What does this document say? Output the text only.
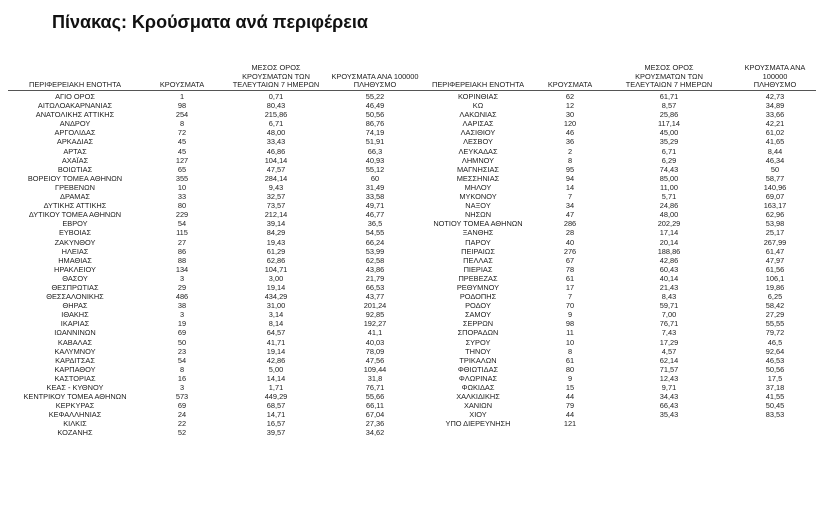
Πίνακας: Κρούσματα ανά περιφέρεια
ΠΕΡΙΦΕΡΕΙΑΚΗ ΕΝΟΤΗΤΑ	ΚΡΟΥΣΜΑΤΑ
ΜΕΣΟΣ ΟΡΟΣ
ΚΡΟΥΣΜΑΤΩΝ ΤΩΝ
ΤΕΛΕΥΤΑΙΩΝ 7 ΗΜΕΡΩΝ
ΚΡΟΥΣΜΑΤΑ ΑΝΑ 100000
ΠΛΗΘΥΣΜΟ	ΠΕΡΙΦΕΡΕΙΑΚΗ ΕΝΟΤΗΤΑ	ΚΡΟΥΣΜΑΤΑ
ΜΕΣΟΣ ΟΡΟΣ
ΚΡΟΥΣΜΑΤΩΝ ΤΩΝ
ΤΕΛΕΥΤΑΙΩΝ 7 ΗΜΕΡΩΝ
ΚΡΟΥΣΜΑΤΑ ΑΝΑ 100000
ΠΛΗΘΥΣΜΟ
ΑΓΙΟ ΟΡΟΣ	1	0,71	55,22	ΚΟΡΙΝΘΙΑΣ	62	61,71	42,73
ΑΙΤΩΛΟΑΚΑΡΝΑΝΙΑΣ	98	80,43	46,49	ΚΩ	12	8,57	34,89
ΑΝΑΤΟΛΙΚΗΣ ΑΤΤΙΚΗΣ	254	215,86	50,56	ΛΑΚΩΝΙΑΣ	30	25,86	33,66
ΑΝΔΡΟΥ	8	6,71	86,76	ΛΑΡΙΣΑΣ	120	117,14	42,21
ΑΡΓΟΛΙΔΑΣ	72	48,00	74,19	ΛΑΣΙΘΙΟΥ	46	45,00	61,02
ΑΡΚΑΔΙΑΣ	45	33,43	51,91	ΛΕΣΒΟΥ	36	35,29	41,65
ΑΡΤΑΣ	45	46,86	66,3	ΛΕΥΚΑΔΑΣ	2	6,71	8,44
ΑΧΑΪΑΣ	127	104,14	40,93	ΛΗΜΝΟΥ	8	6,29	46,34
ΒΟΙΩΤΙΑΣ	65	47,57	55,12	ΜΑΓΝΗΣΙΑΣ	95	74,43	50
ΒΟΡΕΙΟΥ ΤΟΜΕΑ ΑΘΗΝΩΝ	355	284,14	60	ΜΕΣΣΗΝΙΑΣ	94	85,00	58,77
ΓΡΕΒΕΝΩΝ	10	9,43	31,49	ΜΗΛΟΥ	14	11,00	140,96
ΔΡΑΜΑΣ	33	32,57	33,58	ΜΥΚΟΝΟΥ	7	5,71	69,07
ΔΥΤΙΚΗΣ ΑΤΤΙΚΗΣ	80	73,57	49,71	ΝΑΞΟΥ	34	24,86	163,17
ΔΥΤΙΚΟΥ ΤΟΜΕΑ ΑΘΗΝΩΝ	229	212,14	46,77	ΝΗΣΩΝ	47	48,00	62,96
ΕΒΡΟΥ	54	39,14	36,5	ΝΟΤΙΟΥ ΤΟΜΕΑ ΑΘΗΝΩΝ	286	202,29	53,98
ΕΥΒΟΙΑΣ	115	84,29	54,55	ΞΑΝΘΗΣ	28	17,14	25,17
ΖΑΚΥΝΘΟΥ	27	19,43	66,24	ΠΑΡΟΥ	40	20,14	267,99
ΗΛΕΙΑΣ	86	61,29	53,99	ΠΕΙΡΑΙΩΣ	276	188,86	61,47
ΗΜΑΘΙΑΣ	88	62,86	62,58	ΠΕΛΛΑΣ	67	42,86	47,97
ΗΡΑΚΛΕΙΟΥ	134	104,71	43,86	ΠΙΕΡΙΑΣ	78	60,43	61,56
ΘΑΣΟΥ	3	3,00	21,79	ΠΡΕΒΕΖΑΣ	61	40,14	106,1
ΘΕΣΠΡΩΤΙΑΣ	29	19,14	66,53	ΡΕΘΥΜΝΟΥ	17	21,43	19,86
ΘΕΣΣΑΛΟΝΙΚΗΣ	486	434,29	43,77	ΡΟΔΟΠΗΣ	7	8,43	6,25
ΘΗΡΑΣ	38	31,00	201,24	ΡΟΔΟΥ	70	59,71	58,42
ΙΘΑΚΗΣ	3	3,14	92,85	ΣΑΜΟΥ	9	7,00	27,29
ΙΚΑΡΙΑΣ	19	8,14	192,27	ΣΕΡΡΩΝ	98	76,71	55,55
ΙΩΑΝΝΙΝΩΝ	69	64,57	41,1	ΣΠΟΡΑΔΩΝ	11	7,43	79,72
ΚΑΒΑΛΑΣ	50	41,71	40,03	ΣΥΡΟΥ	10	17,29	46,5
ΚΑΛΥΜΝΟΥ	23	19,14	78,09	ΤΗΝΟΥ	8	4,57	92,64
ΚΑΡΔΙΤΣΑΣ	54	42,86	47,56	ΤΡΙΚΑΛΩΝ	61	62,14	46,53
ΚΑΡΠΑΘΟΥ	8	5,00	109,44	ΦΘΙΩΤΙΔΑΣ	80	71,57	50,56
ΚΑΣΤΟΡΙΑΣ	16	14,14	31,8	ΦΛΩΡΙΝΑΣ	9	12,43	17,5
ΚΕΑΣ - ΚΥΘΝΟΥ	3	1,71	76,71	ΦΩΚΙΔΑΣ	15	9,71	37,18
ΚΕΝΤΡΙΚΟΥ ΤΟΜΕΑ ΑΘΗΝΩΝ	573	449,29	55,66	ΧΑΛΚΙΔΙΚΗΣ	44	34,43	41,55
ΚΕΡΚΥΡΑΣ	69	68,57	66,11	ΧΑΝΙΩΝ	79	66,43	50,45
ΚΕΦΑΛΛΗΝΙΑΣ	24	14,71	67,04	ΧΙΟΥ	44	35,43	83,53
ΚΙΛΚΙΣ	22	16,57	27,36	ΥΠΟ ΔΙΕΡΕΥΝΗΣΗ	121
ΚΟΖΑΝΗΣ	52	39,57	34,62
